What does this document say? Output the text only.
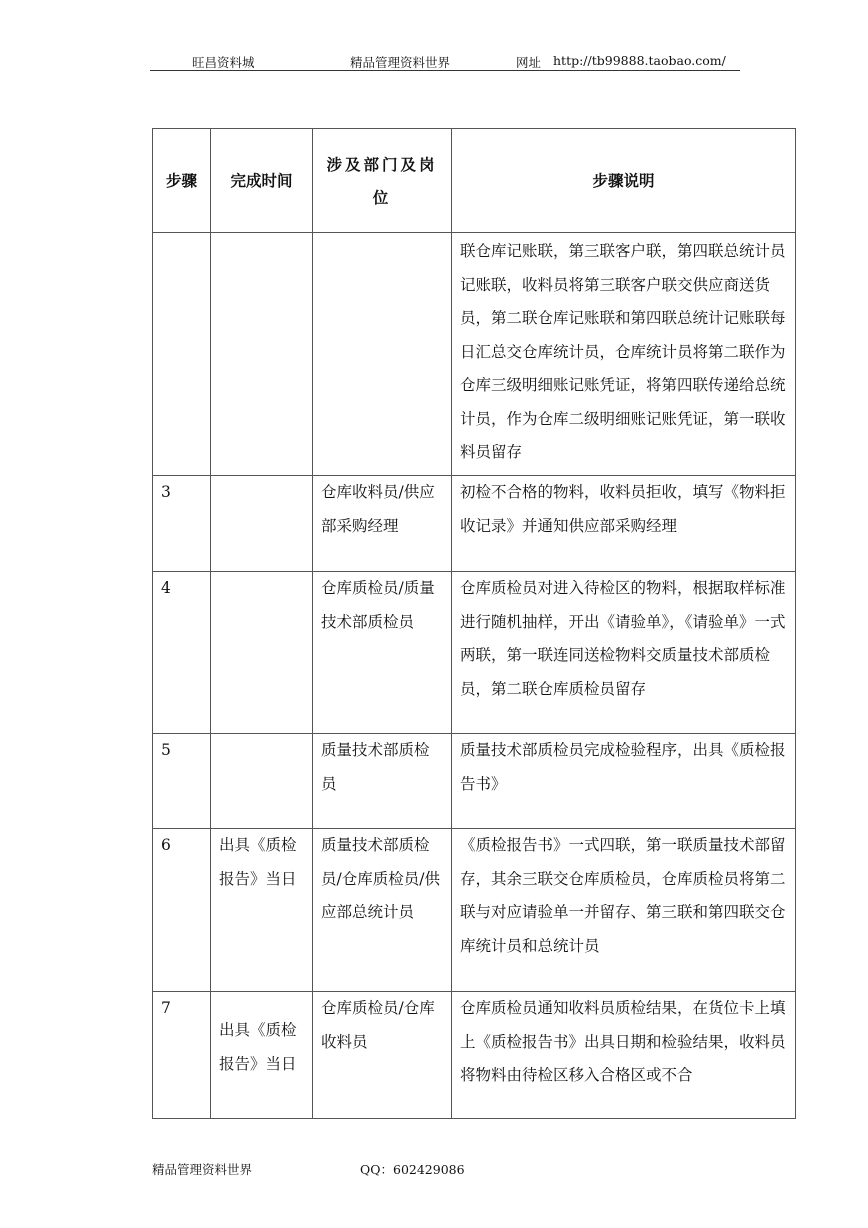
旺昌资料城	精品管理资料世界	网址 http://tb99888.taobao.com/
步骤	完成时间	涉及部门及岗位	步骤说明
			联仓库记账联，第三联客户联，第四联总统计员记账联，收料员将第三联客户联交供应商送货员，第二联仓库记账联和第四联总统计记账联每日汇总交仓库统计员，仓库统计员将第二联作为仓库三级明细账记账凭证，将第四联传递给总统计员，作为仓库二级明细账记账凭证，第一联收料员留存
3		仓库收料员/供应部采购经理	初检不合格的物料，收料员拒收，填写《物料拒收记录》并通知供应部采购经理
4		仓库质检员/质量技术部质检员	仓库质检员对进入待检区的物料，根据取样标准进行随机抽样，开出《请验单》，《请验单》一式两联，第一联连同送检物料交质量技术部质检员，第二联仓库质检员留存
5		质量技术部质检员	质量技术部质检员完成检验程序，出具《质检报告书》
6	出具《质检报告》当日	质量技术部质检员/仓库质检员/供应部总统计员	《质检报告书》一式四联，第一联质量技术部留存，其余三联交仓库质检员，仓库质检员将第二联与对应请验单一并留存、第三联和第四联交仓库统计员和总统计员
7	出具《质检报告》当日	仓库质检员/仓库收料员	仓库质检员通知收料员质检结果，在货位卡上填上《质检报告书》出具日期和检验结果，收料员将物料由待检区移入合格区或不合
精品管理资料世界	QQ：602429086
